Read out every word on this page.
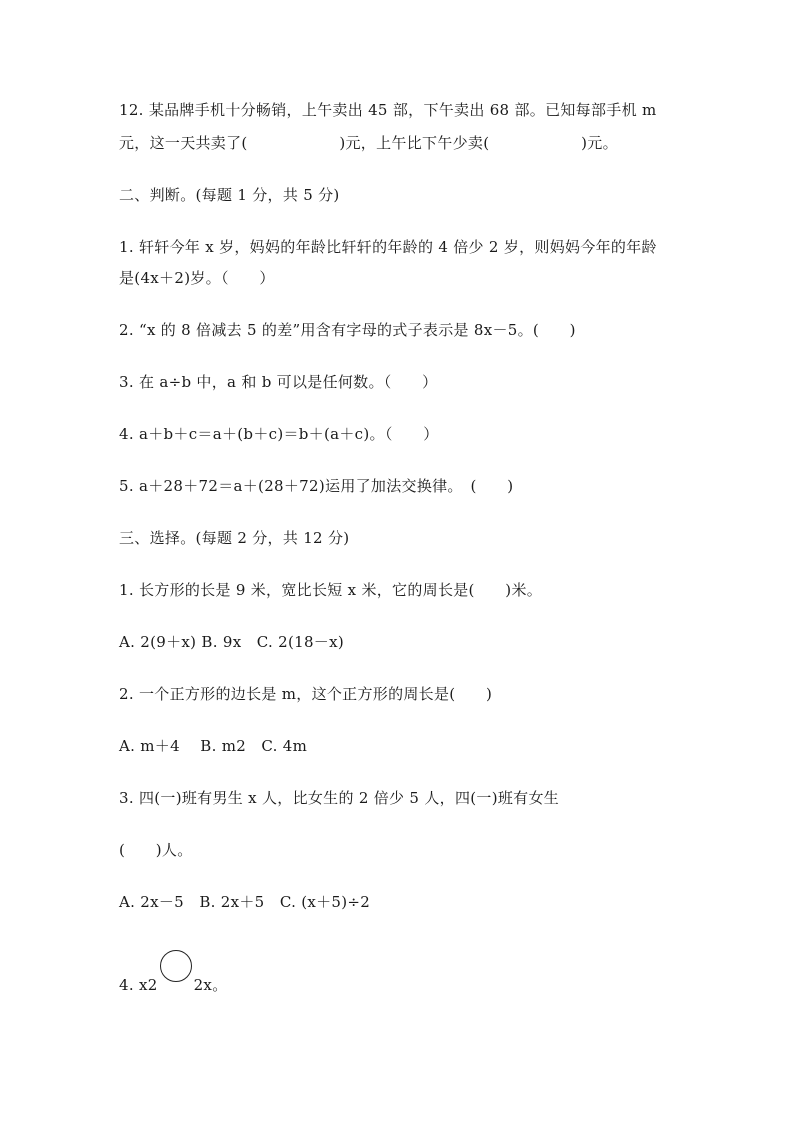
12. 某品牌手机十分畅销，上午卖出 45 部，下午卖出 68 部。已知每部手机 m
元，这一天共卖了(　　　　　　)元，上午比下午少卖(　　　　　　)元。
二、判断。(每题 1 分，共 5 分)
1. 轩轩今年 x 岁，妈妈的年龄比轩轩的年龄的 4 倍少 2 岁，则妈妈今年的年龄
是(4x＋2)岁。（　　）
2. “x 的 8 倍减去 5 的差”用含有字母的式子表示是 8x－5。(　　)
3. 在 a÷b 中，a 和 b 可以是任何数。（　　）
4. a＋b＋c＝a＋(b＋c)＝b＋(a＋c)。（　　）
5. a＋28＋72＝a＋(28＋72)运用了加法交换律。　(　　)
三、选择。(每题 2 分，共 12 分)
1. 长方形的长是 9 米，宽比长短 x 米，它的周长是(　　)米。
A. 2(9＋x) B. 9x　C. 2(18－x)
2. 一个正方形的边长是 m，这个正方形的周长是(　　)
A. m＋4　 B. m2　C. 4m
3. 四(一)班有男生 x 人，比女生的 2 倍少 5 人，四(一)班有女生
(　　)人。
A. 2x－5　B. 2x＋5　C. (x＋5)÷2
4. x2 2x。
